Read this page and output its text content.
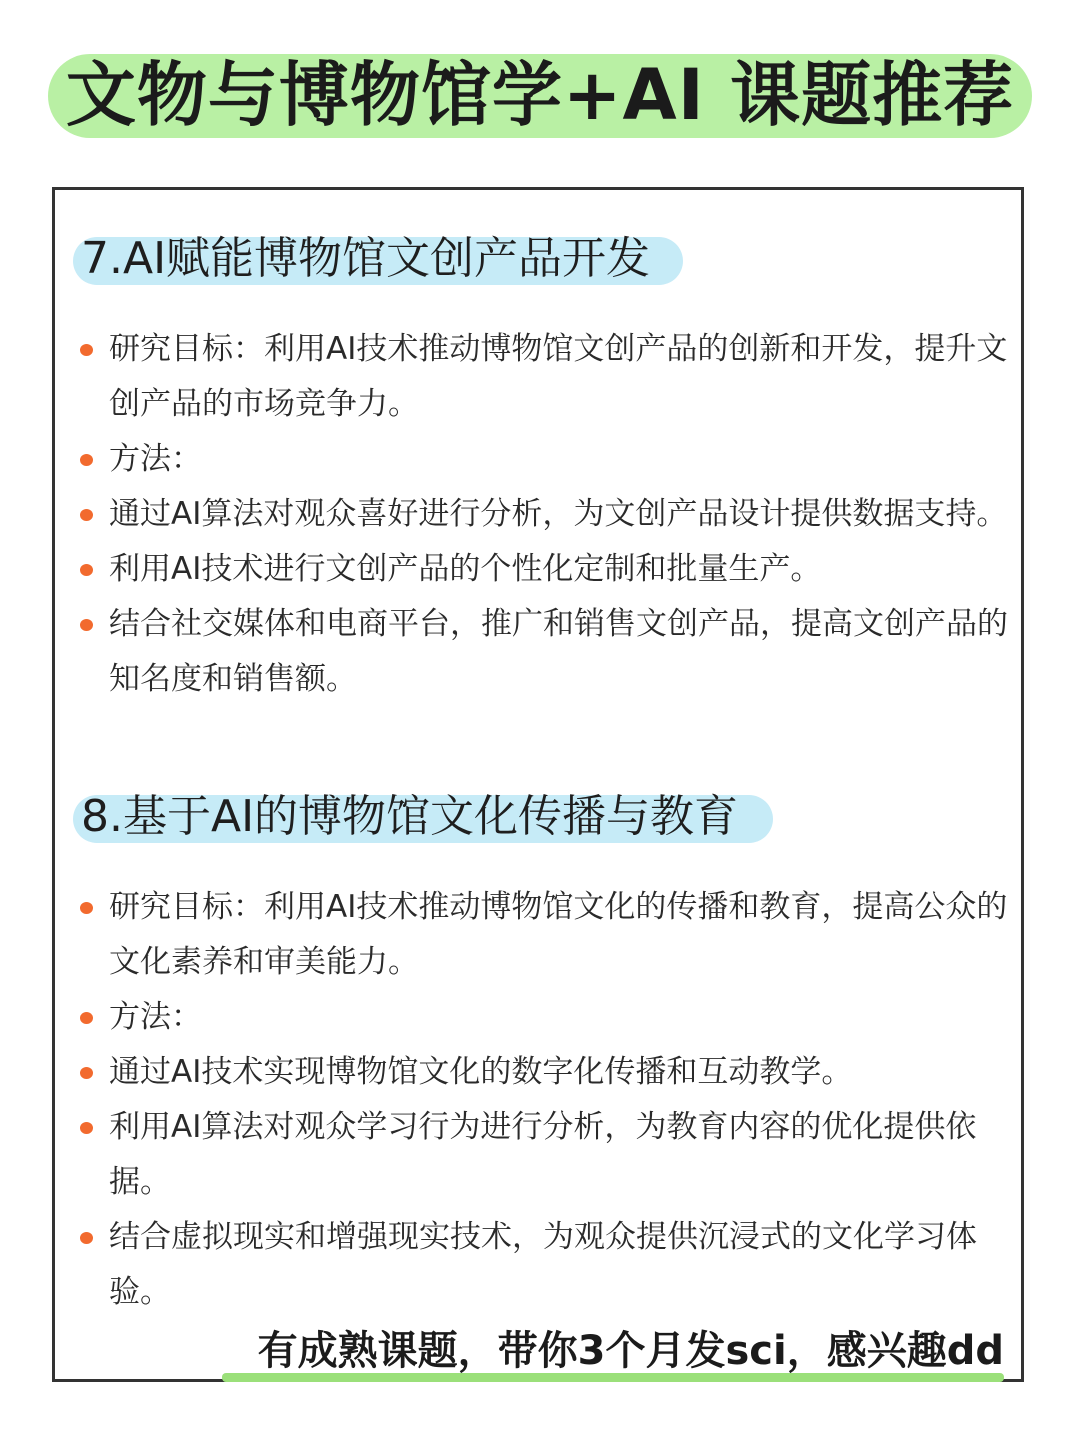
文物与博物馆学+AI 课题推荐
7.AI赋能博物馆文创产品开发
研究目标：利用AI技术推动博物馆文创产品的创新和开发，提升文创产品的市场竞争力。
方法：
通过AI算法对观众喜好进行分析，为文创产品设计提供数据支持。
利用AI技术进行文创产品的个性化定制和批量生产。
结合社交媒体和电商平台，推广和销售文创产品，提高文创产品的知名度和销售额。
8.基于AI的博物馆文化传播与教育
研究目标：利用AI技术推动博物馆文化的传播和教育，提高公众的文化素养和审美能力。
方法：
通过AI技术实现博物馆文化的数字化传播和互动教学。
利用AI算法对观众学习行为进行分析，为教育内容的优化提供依据。
结合虚拟现实和增强现实技术，为观众提供沉浸式的文化学习体验。
有成熟课题，带你3个月发sci，感兴趣dd
